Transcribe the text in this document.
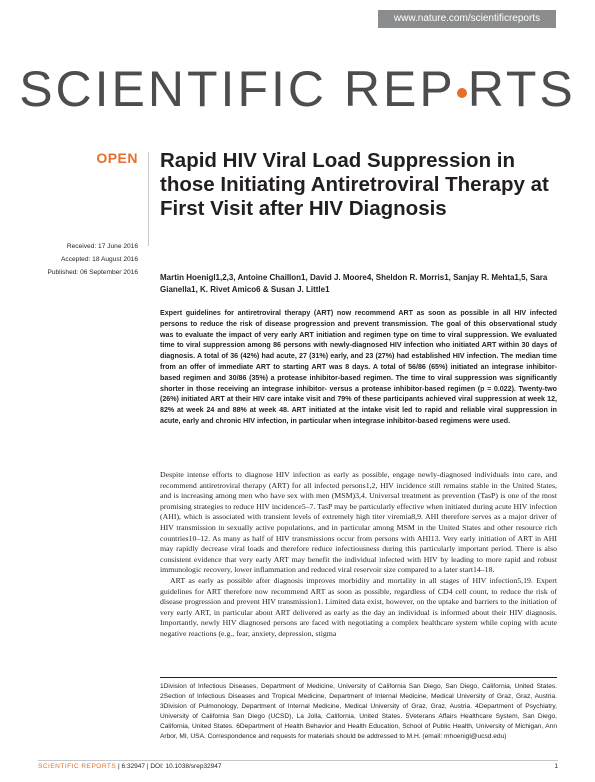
www.nature.com/scientificreports
SCIENTIFIC REP RTS
OPEN
Received: 17 June 2016
Accepted: 18 August 2016
Published: 06 September 2016
Rapid HIV Viral Load Suppression in those Initiating Antiretroviral Therapy at First Visit after HIV Diagnosis
Martin Hoenigl1,2,3, Antoine Chaillon1, David J. Moore4, Sheldon R. Morris1, Sanjay R. Mehta1,5, Sara Gianella1, K. Rivet Amico6 & Susan J. Little1
Expert guidelines for antiretroviral therapy (ART) now recommend ART as soon as possible in all HIV infected persons to reduce the risk of disease progression and prevent transmission. The goal of this observational study was to evaluate the impact of very early ART initiation and regimen type on time to viral suppression. We evaluated time to viral suppression among 86 persons with newly-diagnosed HIV infection who initiated ART within 30 days of diagnosis. A total of 36 (42%) had acute, 27 (31%) early, and 23 (27%) had established HIV infection. The median time from an offer of immediate ART to starting ART was 8 days. A total of 56/86 (65%) initiated an integrase inhibitor-based regimen and 30/86 (35%) a protease inhibitor-based regimen. The time to viral suppression was significantly shorter in those receiving an integrase inhibitor- versus a protease inhibitor-based regimen (p = 0.022). Twenty-two (26%) initiated ART at their HIV care intake visit and 79% of these participants achieved viral suppression at week 12, 82% at week 24 and 88% at week 48. ART initiated at the intake visit led to rapid and reliable viral suppression in acute, early and chronic HIV infection, in particular when integrase inhibitor-based regimens were used.

Despite intense efforts to diagnose HIV infection as early as possible, engage newly-diagnosed individuals into care, and recommend antiretroviral therapy (ART) for all infected persons1,2, HIV incidence still remains stable in the United States, and is increasing among men who have sex with men (MSM)3,4. Universal treatment as prevention (TasP) is one of the most promising strategies to reduce HIV incidence5–7. TasP may be particularly effective when initiated during acute HIV infection (AHI), which is associated with transient levels of extremely high titer viremia8,9. AHI therefore serves as a major driver of HIV transmission in sexually active populations, and in particular among MSM in the United States and other resource rich countries10–12. As many as half of HIV transmissions occur from persons with AHI13. Very early initiation of ART in AHI may rapidly decrease viral loads and therefore reduce infectiousness during this particularly important period. There is also consistent evidence that very early ART may benefit the individual infected with HIV by leading to more rapid and robust immunologic recovery, lower inflammation and reduced viral reservoir size compared to a later start14–18.

ART as early as possible after diagnosis improves morbidity and mortality in all stages of HIV infection5,19. Expert guidelines for ART therefore now recommend ART as soon as possible, regardless of CD4 cell count, to reduce the risk of disease progression and prevent HIV transmission1. Limited data exist, however, on the uptake and barriers to the initiation of very early ART, in particular about ART delivered as early as the day an individual is informed about their HIV diagnosis. Importantly, newly HIV diagnosed persons are faced with negotiating a complex healthcare system while coping with acute negative reactions (e.g., fear, anxiety, depression, stigma

1Division of Infectious Diseases, Department of Medicine, University of California San Diego, San Diego, California, United States. 2Section of Infectious Diseases and Tropical Medicine, Department of Internal Medicine, Medical University of Graz, Graz, Austria. 3Division of Pulmonology, Department of Internal Medicine, Medical University of Graz, Graz, Austria. 4Department of Psychiatry, University of California San Diego (UCSD), La Jolla, California, United States. 5Veterans Affairs Healthcare System, San Diego, California, United States. 6Department of Health Behavior and Health Education, School of Public Health, University of Michigan, Ann Arbor, MI, USA. Correspondence and requests for materials should be addressed to M.H. (email: mhoenigl@ucsd.edu)
SCIENTIFIC REPORTS | 6:32947 | DOI: 10.1038/srep32947	1
